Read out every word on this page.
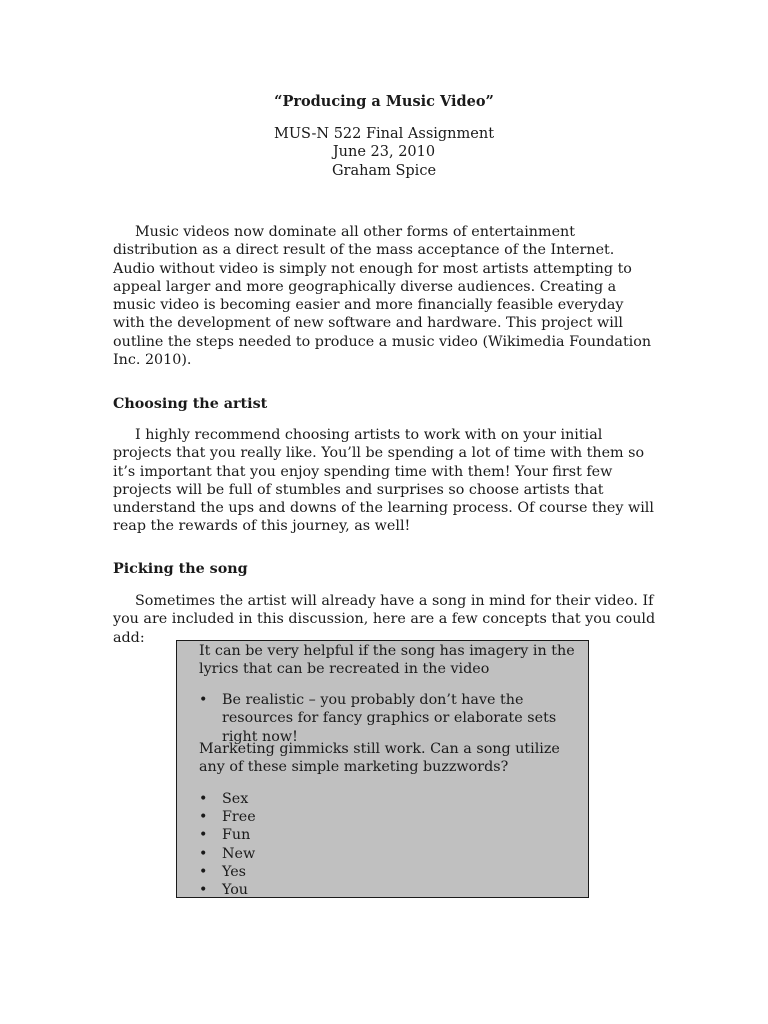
“Producing a Music Video”
MUS-N 522 Final Assignment
June 23, 2010
Graham Spice

Music videos now dominate all other forms of entertainment distribution as a direct result of the mass acceptance of the Internet. Audio without video is simply not enough for most artists attempting to appeal larger and more geographically diverse audiences. Creating a music video is becoming easier and more financially feasible everyday with the development of new software and hardware. This project will outline the steps needed to produce a music video (Wikimedia Foundation Inc. 2010).

Choosing the artist

I highly recommend choosing artists to work with on your initial projects that you really like. You’ll be spending a lot of time with them so it’s important that you enjoy spending time with them! Your first few projects will be full of stumbles and surprises so choose artists that understand the ups and downs of the learning process. Of course they will reap the rewards of this journey, as well!

Picking the song

Sometimes the artist will already have a song in mind for their video. If you are included in this discussion, here are a few concepts that you could add:

It can be very helpful if the song has imagery in the lyrics that can be recreated in the video

• Be realistic – you probably don’t have the resources for fancy graphics or elaborate sets right now!

Marketing gimmicks still work. Can a song utilize any of these simple marketing buzzwords?

• Sex
• Free
• Fun
• New
• Yes
• You
